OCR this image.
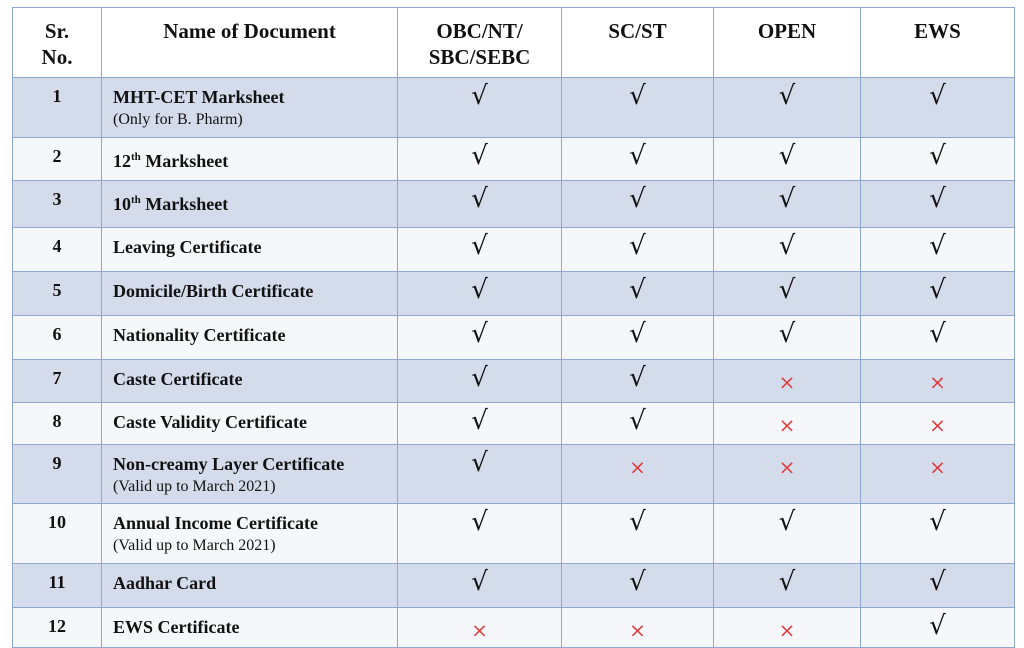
Sr.
No.	Name of Document	OBC/NT/
SBC/SEBC	SC/ST	OPEN	EWS
1	MHT-CET Marksheet
(Only for B. Pharm)	√	√	√	√
2	12th Marksheet	√	√	√	√
3	10th Marksheet	√	√	√	√
4	Leaving Certificate	√	√	√	√
5	Domicile/Birth Certificate	√	√	√	√
6	Nationality Certificate	√	√	√	√
7	Caste Certificate	√	√	×	×
8	Caste Validity Certificate	√	√	×	×
9	Non-creamy Layer Certificate
(Valid up to March 2021)	√	×	×	×
10	Annual Income Certificate
(Valid up to March 2021)	√	√	√	√
11	Aadhar Card	√	√	√	√
12	EWS Certificate	×	×	×	√
